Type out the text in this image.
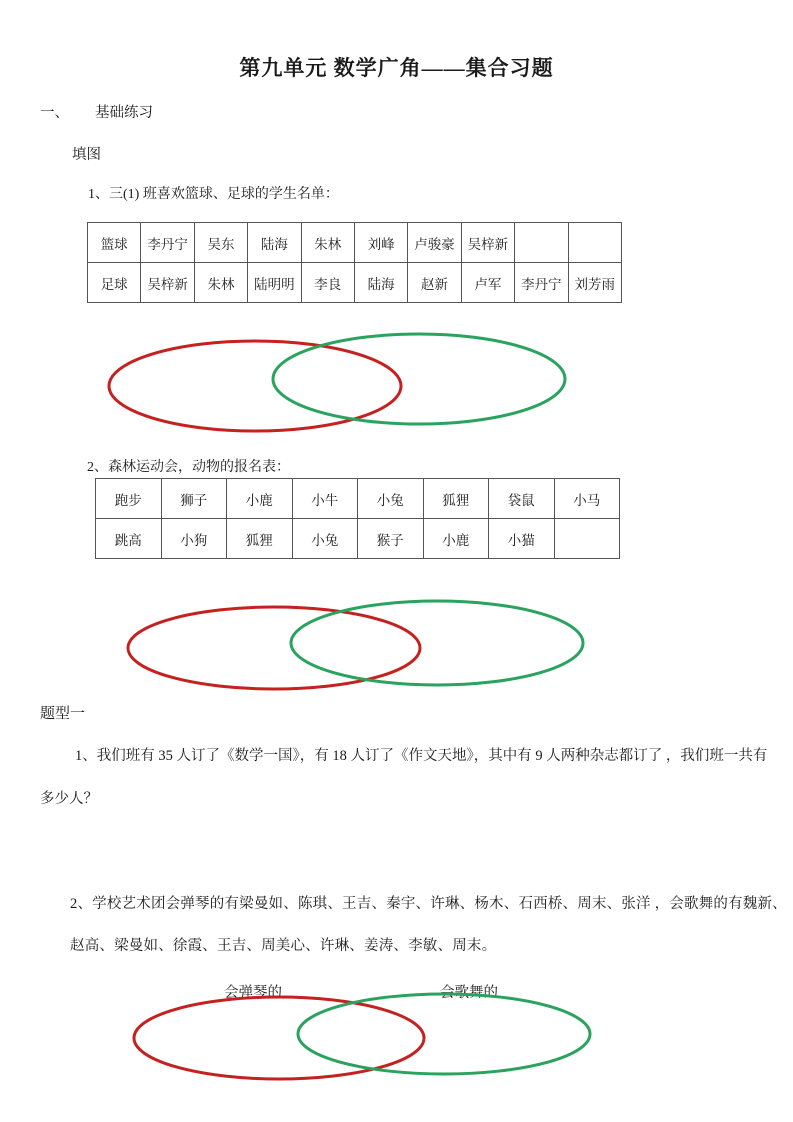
第九单元 数学广角——集合习题
一、 基础练习
填图
1、三(1) 班喜欢篮球、足球的学生名单：
篮球	李丹宁	吴东	陆海	朱林	刘峰	卢骏豪	吴梓新		
足球	吴梓新	朱林	陆明明	李良	陆海	赵新	卢军	李丹宁	刘芳雨
2、森林运动会，动物的报名表：
跑步	狮子	小鹿	小牛	小兔	狐狸	袋鼠	小马
跳高	小狗	狐狸	小兔	猴子	小鹿	小猫	
题型一
1、我们班有 35 人订了《数学一国》，有 18 人订了《作文天地》，其中有 9 人两种杂志都订了 ，我们班一共有
多少人？
2、学校艺术团会弹琴的有梁曼如、陈琪、王吉、秦宇、许琳、杨木、石西桥、周末、张洋 ，会歌舞的有魏新、
赵高、梁曼如、徐霞、王吉、周美心、许琳、姜涛、李敏、周末。
会弹琴的	会歌舞的
